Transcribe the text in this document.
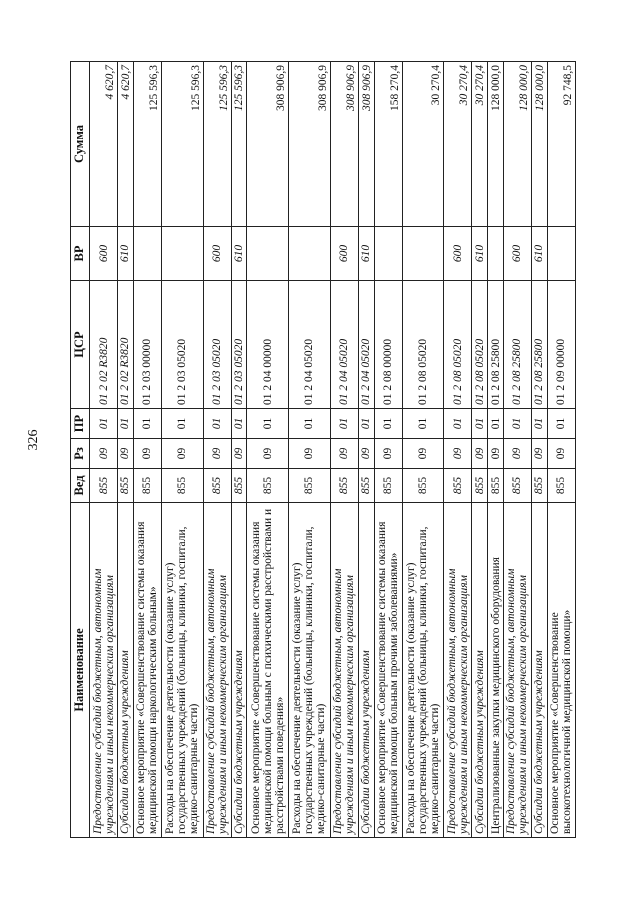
326
Наименование	Вед	Рз	ПР	ЦСР	ВР	Сумма
Предоставление субсидий бюджетным, автономным учреждениям и иным некоммерческим организациям	855	09	01	01 2 02 R3820	600	4 620,7
Субсидии бюджетным учреждениям	855	09	01	01 2 02 R3820	610	4 620,7
Основное мероприятие «Совершенствование системы оказания медицинской помощи наркологическим больным»	855	09	01	01 2 03 00000		125 596,3
Расходы на обеспечение деятельности (оказание услуг) государственных учреждений (больницы, клиники, госпитали, медико-санитарные части)	855	09	01	01 2 03 05020		125 596,3
Предоставление субсидий бюджетным, автономным учреждениям и иным некоммерческим организациям	855	09	01	01 2 03 05020	600	125 596,3
Субсидии бюджетным учреждениям	855	09	01	01 2 03 05020	610	125 596,3
Основное мероприятие «Совершенствование системы оказания медицинской помощи больным с психическими расстройствами и расстройствами поведения»	855	09	01	01 2 04 00000		308 906,9
Расходы на обеспечение деятельности (оказание услуг) государственных учреждений (больницы, клиники, госпитали, медико-санитарные части)	855	09	01	01 2 04 05020		308 906,9
Предоставление субсидий бюджетным, автономным учреждениям и иным некоммерческим организациям	855	09	01	01 2 04 05020	600	308 906,9
Субсидии бюджетным учреждениям	855	09	01	01 2 04 05020	610	308 906,9
Основное мероприятие «Совершенствование системы оказания медицинской помощи больным прочими заболеваниями»	855	09	01	01 2 08 00000		158 270,4
Расходы на обеспечение деятельности (оказание услуг) государственных учреждений (больницы, клиники, госпитали, медико-санитарные части)	855	09	01	01 2 08 05020		30 270,4
Предоставление субсидий бюджетным, автономным учреждениям и иным некоммерческим организациям	855	09	01	01 2 08 05020	600	30 270,4
Субсидии бюджетным учреждениям	855	09	01	01 2 08 05020	610	30 270,4
Централизованные закупки медицинского оборудования	855	09	01	01 2 08 25800		128 000,0
Предоставление субсидий бюджетным, автономным учреждениям и иным некоммерческим организациям	855	09	01	01 2 08 25800	600	128 000,0
Субсидии бюджетным учреждениям	855	09	01	01 2 08 25800	610	128 000,0
Основное мероприятие «Совершенствование высокотехнологичной медицинской помощи»	855	09	01	01 2 09 00000		92 748,5
